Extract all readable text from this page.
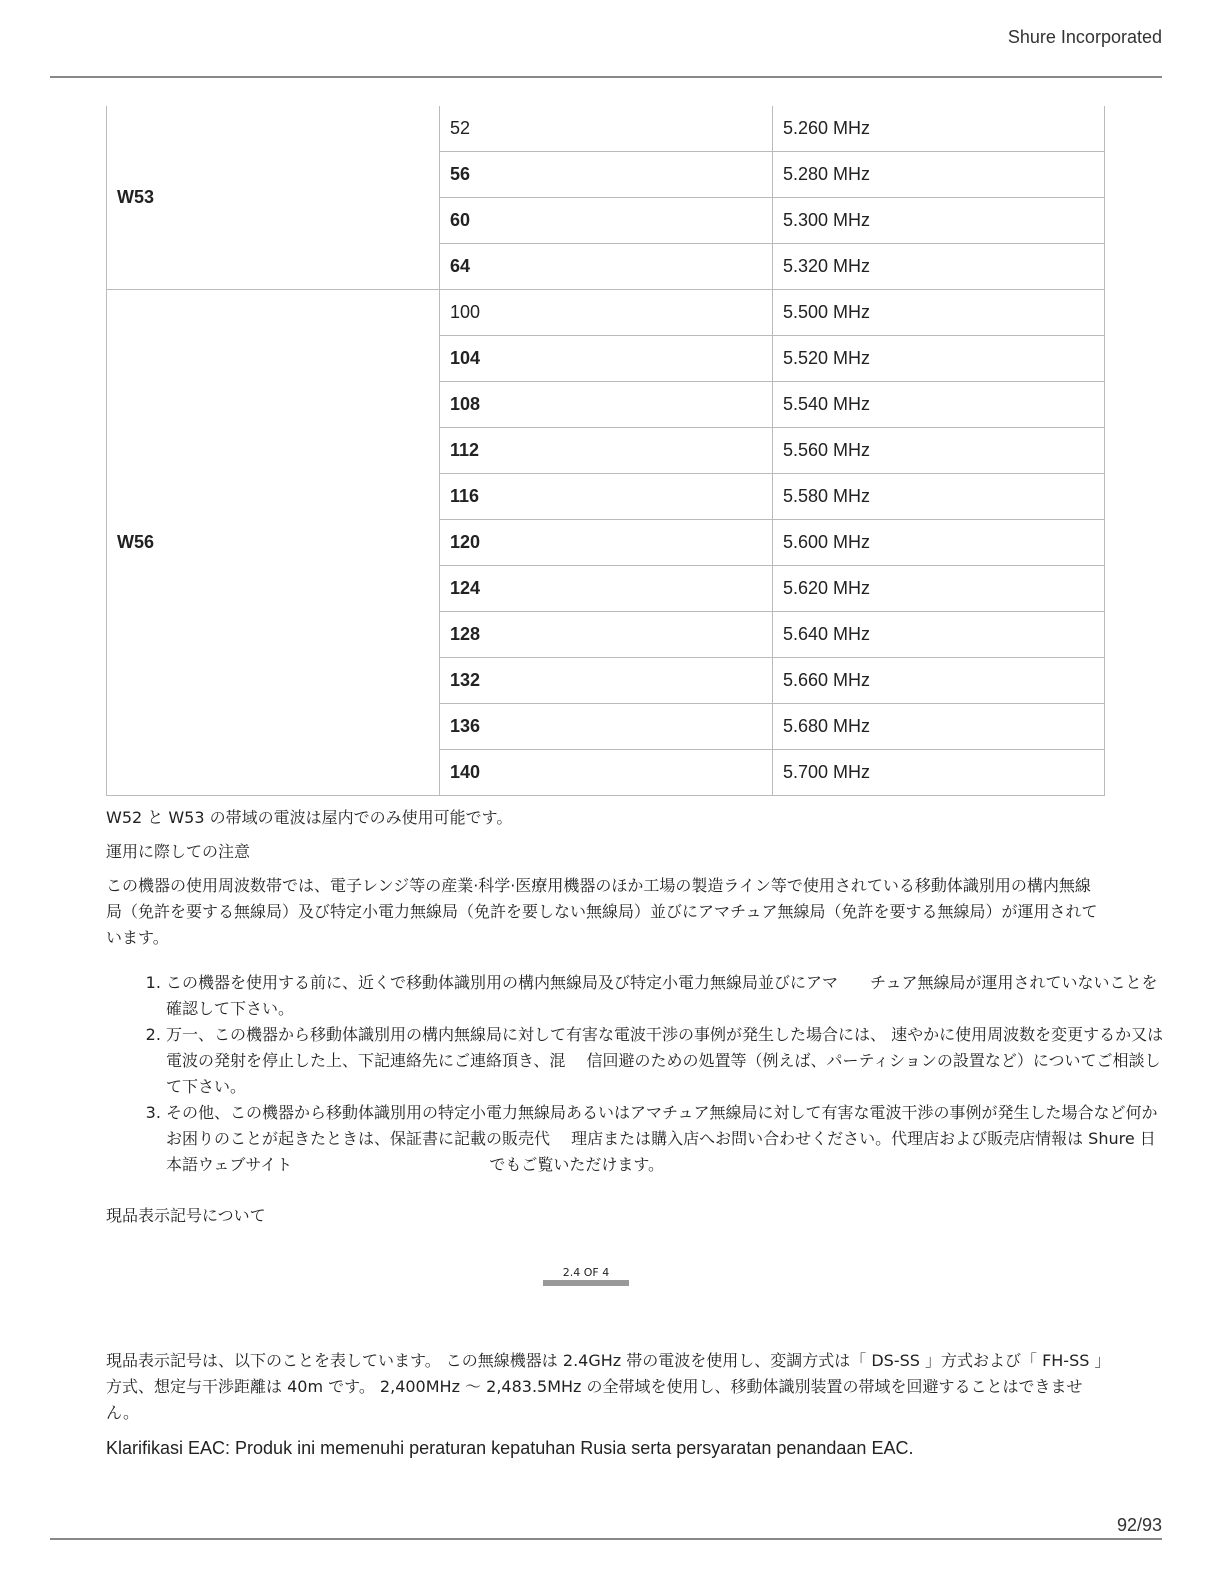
Shure Incorporated
W53	52	5.260 MHz
	56	5.280 MHz
	60	5.300 MHz
	64	5.320 MHz
W56	100	5.500 MHz
	104	5.520 MHz
	108	5.540 MHz
	112	5.560 MHz
	116	5.580 MHz
	120	5.600 MHz
	124	5.620 MHz
	128	5.640 MHz
	132	5.660 MHz
	136	5.680 MHz
	140	5.700 MHz
W52 と W53 の帯域の電波は屋内でのみ使用可能です。
運用に際しての注意
この機器の使用周波数帯では、電子レンジ等の産業·科学·医療用機器のほか工場の製造ライン等で使用されている移動体識別用の構内無線局（免許を要する無線局）及び特定小電力無線局（免許を要しない無線局）並びにアマチュア無線局（免許を要する無線局）が運用されています。
1. この機器を使用する前に、近くで移動体識別用の構内無線局及び特定小電力無線局並びにアマ　　チュア無線局が運用されていないことを確認して下さい。
2. 万一、この機器から移動体識別用の構内無線局に対して有害な電波干渉の事例が発生した場合には、 速やかに使用周波数を変更するか又は電波の発射を停止した上、下記連絡先にご連絡頂き、混　 信回避のための処置等（例えば、パーティションの設置など）についてご相談して下さい。
3. その他、この機器から移動体識別用の特定小電力無線局あるいはアマチュア無線局に対して有害な電波干渉の事例が発生した場合など何かお困りのことが起きたときは、保証書に記載の販売代　 理店または購入店へお問い合わせください。代理店および販売店情報は Shure 日本語ウェブサイト　　　　　　　　　　　　 でもご覧いただけます。
現品表示記号について
2.4 OF 4
現品表示記号は、以下のことを表しています。 この無線機器は 2.4GHz 帯の電波を使用し、変調方式は「 DS-SS 」方式および「 FH-SS 」方式、想定与干渉距離は 40m です。 2,400MHz ～ 2,483.5MHz の全帯域を使用し、移動体識別装置の帯域を回避することはできません。
Klarifikasi EAC: Produk ini memenuhi peraturan kepatuhan Rusia serta persyaratan penandaan EAC.
92/93
